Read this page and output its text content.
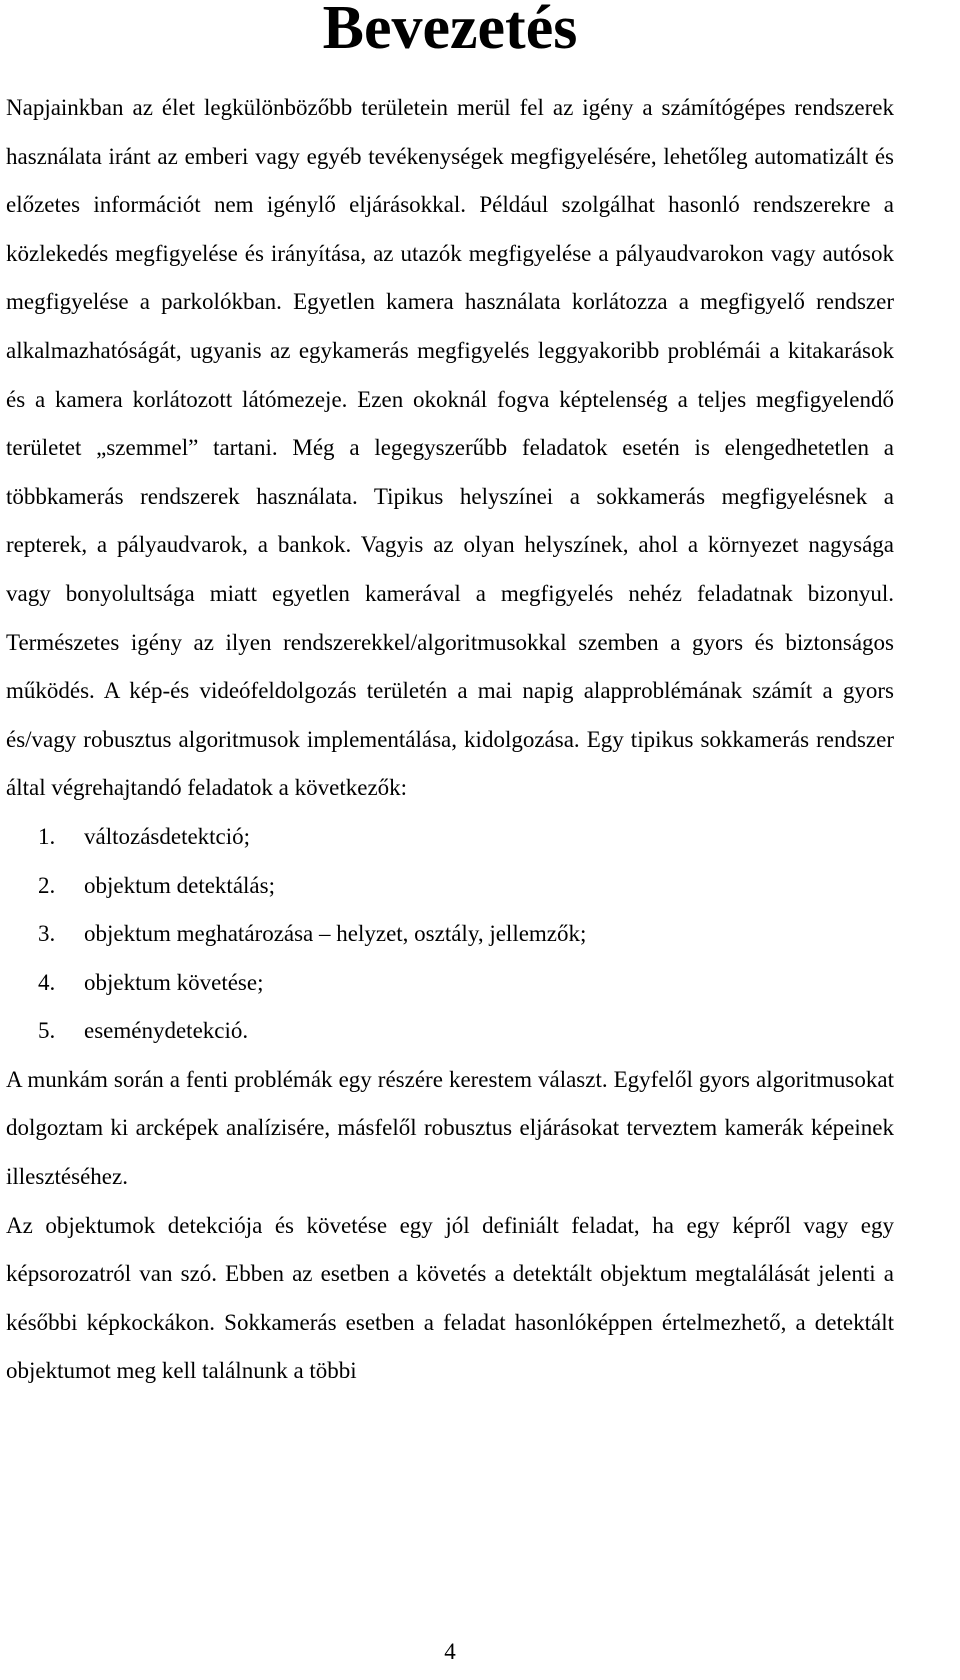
Bevezetés

Napjainkban az élet legkülönbözőbb területein merül fel az igény a számítógépes rendszerek használata iránt az emberi vagy egyéb tevékenységek megfigyelésére, lehetőleg automatizált és előzetes információt nem igénylő eljárásokkal. Például szolgálhat hasonló rendszerekre a közlekedés megfigyelése és irányítása, az utazók megfigyelése a pályaudvarokon vagy autósok megfigyelése a parkolókban. Egyetlen kamera használata korlátozza a megfigyelő rendszer alkalmazhatóságát, ugyanis az egykamerás megfigyelés leggyakoribb problémái a kitakarások és a kamera korlátozott látómezeje. Ezen okoknál fogva képtelenség a teljes megfigyelendő területet „szemmel” tartani. Még a legegyszerűbb feladatok esetén is elengedhetetlen a többkamerás rendszerek használata. Tipikus helyszínei a sokkamerás megfigyelésnek a repterek, a pályaudvarok, a bankok. Vagyis az olyan helyszínek, ahol a környezet nagysága vagy bonyolultsága miatt egyetlen kamerával a megfigyelés nehéz feladatnak bizonyul. Természetes igény az ilyen rendszerekkel/algoritmusokkal szemben a gyors és biztonságos működés. A kép-és videófeldolgozás területén a mai napig alapproblémának számít a gyors és/vagy robusztus algoritmusok implementálása, kidolgozása. Egy tipikus sokkamerás rendszer által végrehajtandó feladatok a következők:

1.	változásdetektció;
2.	objektum detektálás;
3.	objektum meghatározása – helyzet, osztály, jellemzők;
4.	objektum követése;
5.	eseménydetekció.

A munkám során a fenti problémák egy részére kerestem választ. Egyfelől gyors algoritmusokat dolgoztam ki arcképek analízisére, másfelől robusztus eljárásokat terveztem kamerák képeinek illesztéséhez.

Az objektumok detekciója és követése egy jól definiált feladat, ha egy képről vagy egy képsorozatról van szó. Ebben az esetben a követés a detektált objektum megtalálását jelenti a későbbi képkockákon. Sokkamerás esetben a feladat hasonlóképpen értelmezhető, a detektált objektumot meg kell találnunk a többi

4
